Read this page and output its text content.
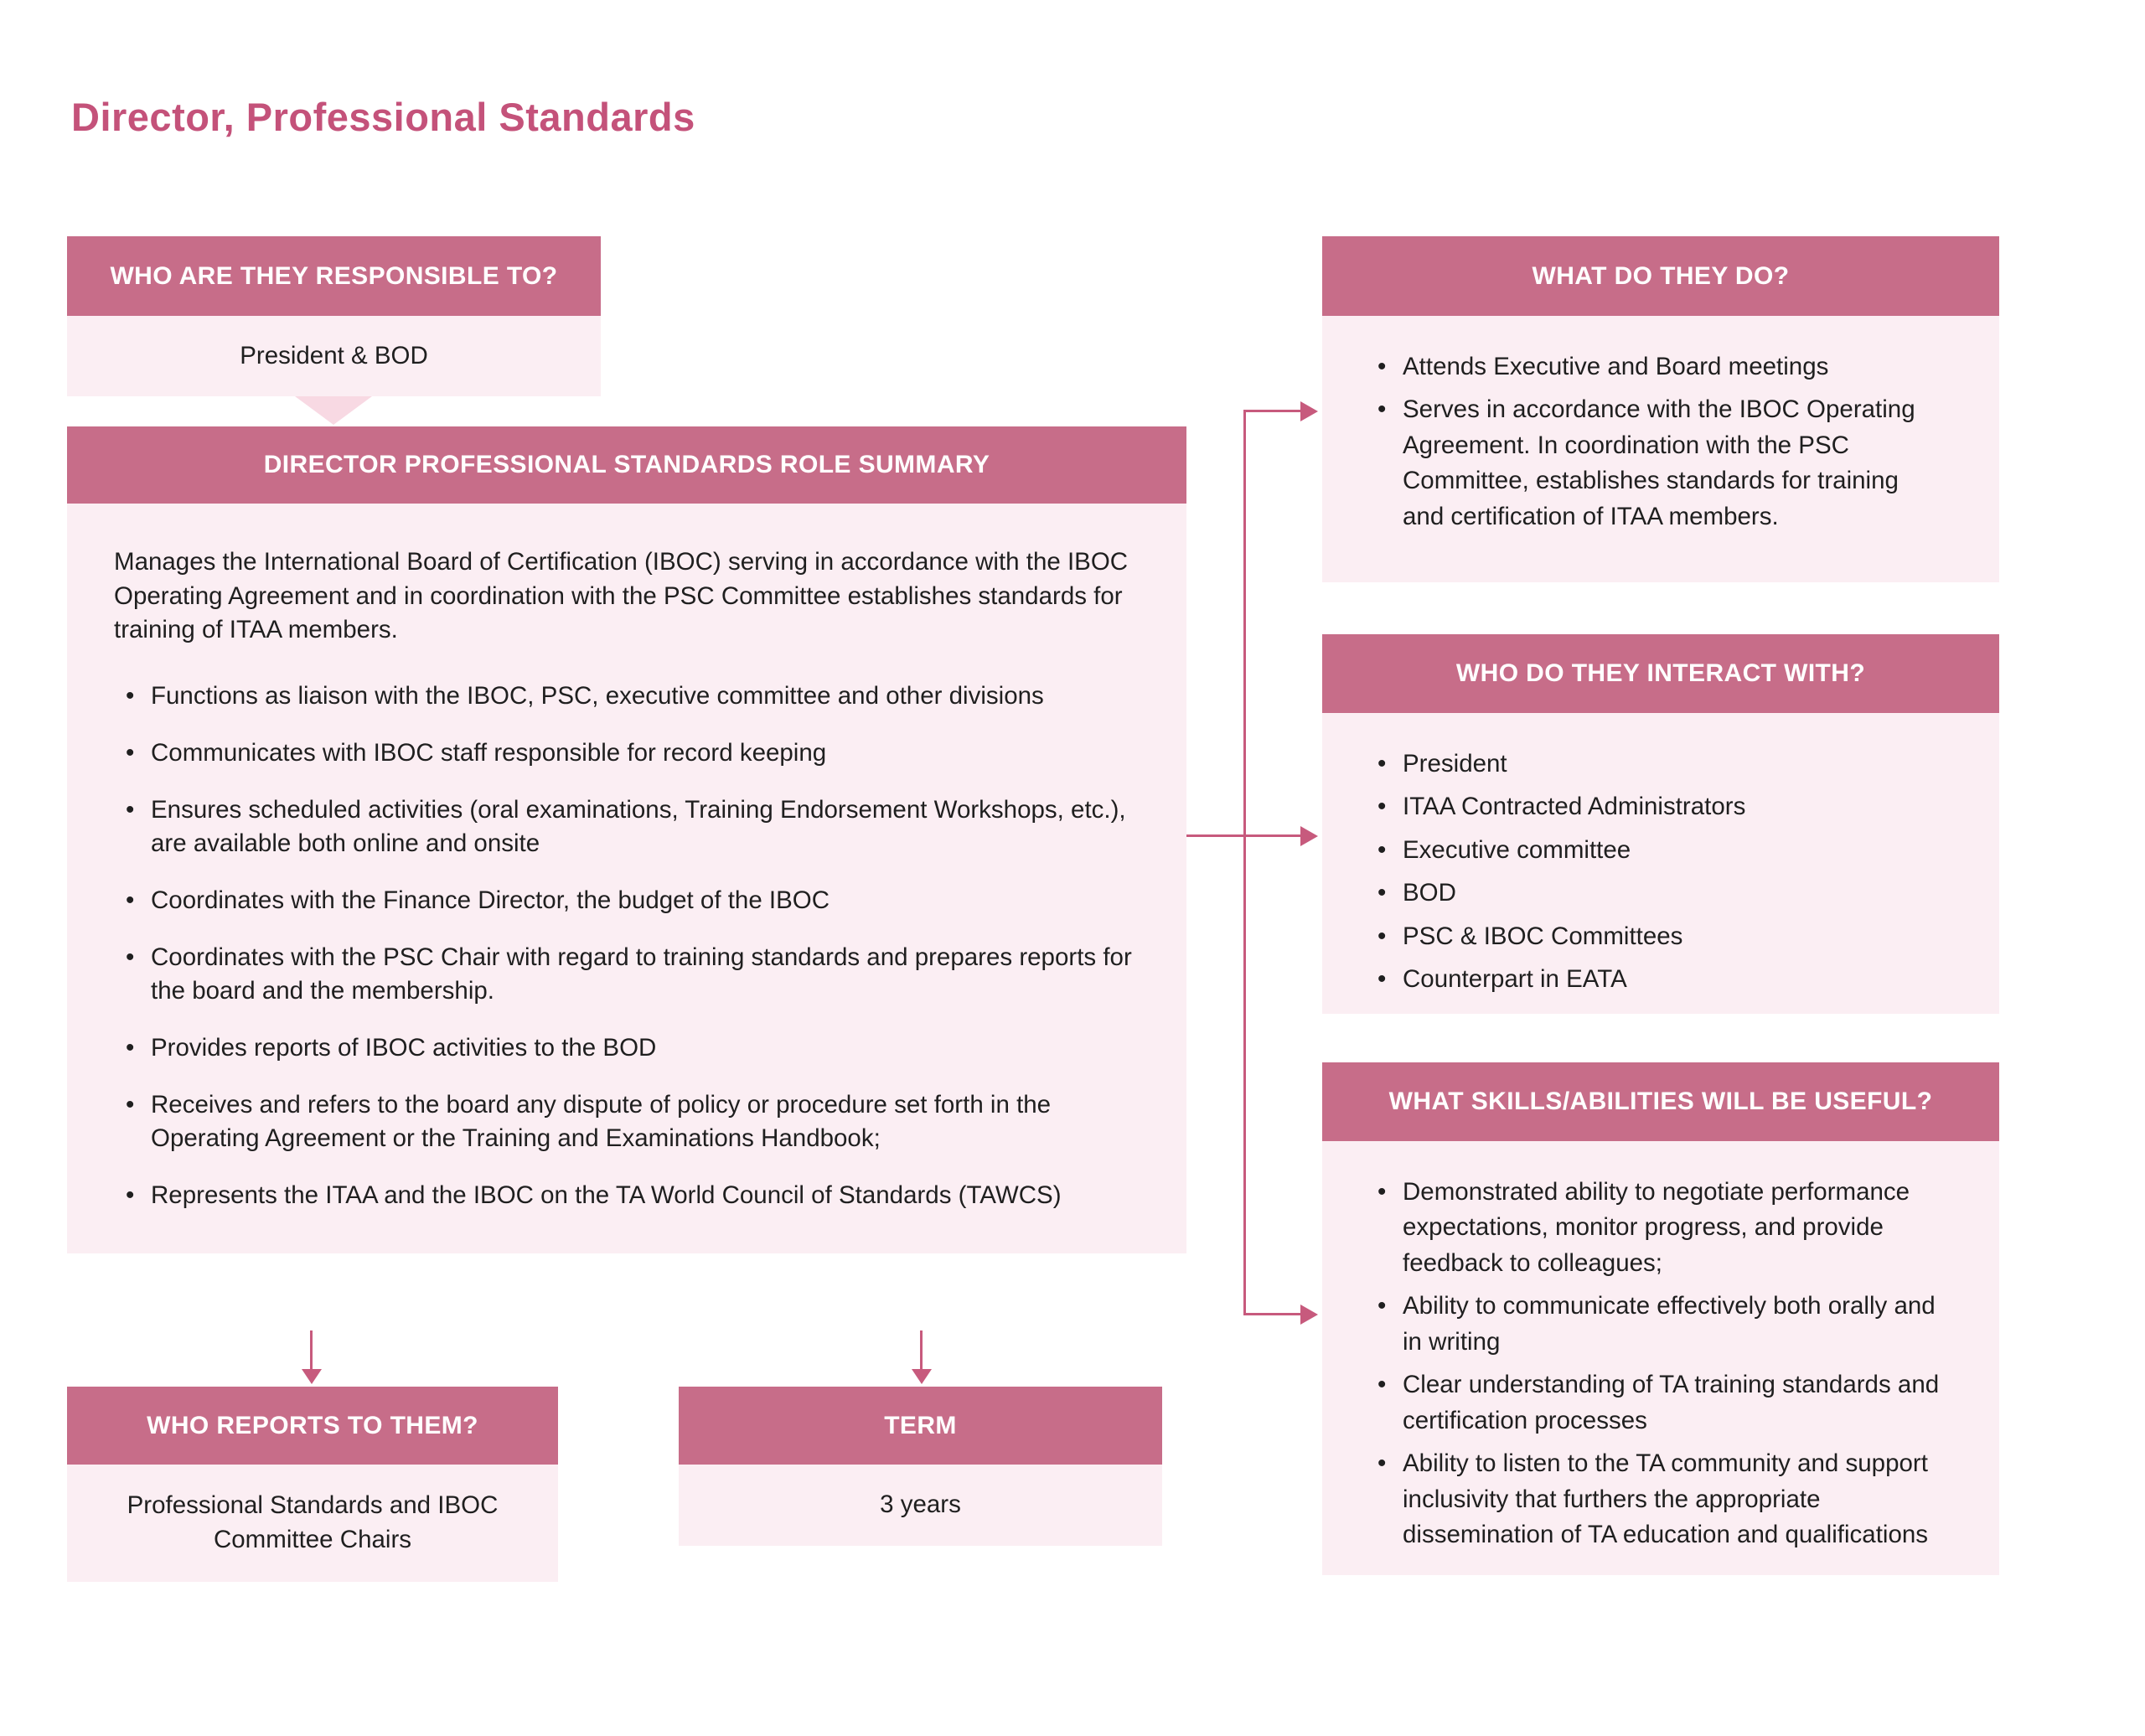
Director, Professional Standards
WHO ARE THEY RESPONSIBLE TO?
President & BOD
DIRECTOR PROFESSIONAL STANDARDS ROLE SUMMARY

Manages the International Board of Certification (IBOC) serving in accordance with the IBOC Operating Agreement and in coordination with the PSC Committee establishes standards for training of ITAA members.

• Functions as liaison with the IBOC, PSC, executive committee and other divisions
• Communicates with IBOC staff responsible for record keeping
• Ensures scheduled activities (oral examinations, Training Endorsement Workshops, etc.), are available both online and onsite
• Coordinates with the Finance Director, the budget of the IBOC
• Coordinates with the PSC Chair with regard to training standards and prepares reports for the board and the membership.
• Provides reports of IBOC activities to the BOD
• Receives and refers to the board any dispute of policy or procedure set forth in the Operating Agreement or the Training and Examinations Handbook;
• Represents the ITAA and the IBOC on the TA World Council of Standards (TAWCS)
WHO REPORTS TO THEM?
Professional Standards and IBOC Committee Chairs
TERM
3 years
WHAT DO THEY DO?
• Attends Executive and Board meetings
• Serves in accordance with the IBOC Operating Agreement. In coordination with the PSC Committee, establishes standards for training and certification of ITAA members.
WHO DO THEY INTERACT WITH?
• President
• ITAA Contracted Administrators
• Executive committee
• BOD
• PSC & IBOC Committees
• Counterpart in EATA
WHAT SKILLS/ABILITIES WILL BE USEFUL?
• Demonstrated ability to negotiate performance expectations, monitor progress, and provide feedback to colleagues;
• Ability to communicate effectively both orally and in writing
• Clear understanding of TA training standards and certification processes
• Ability to listen to the TA community and support inclusivity that furthers the appropriate dissemination of TA education and qualifications
